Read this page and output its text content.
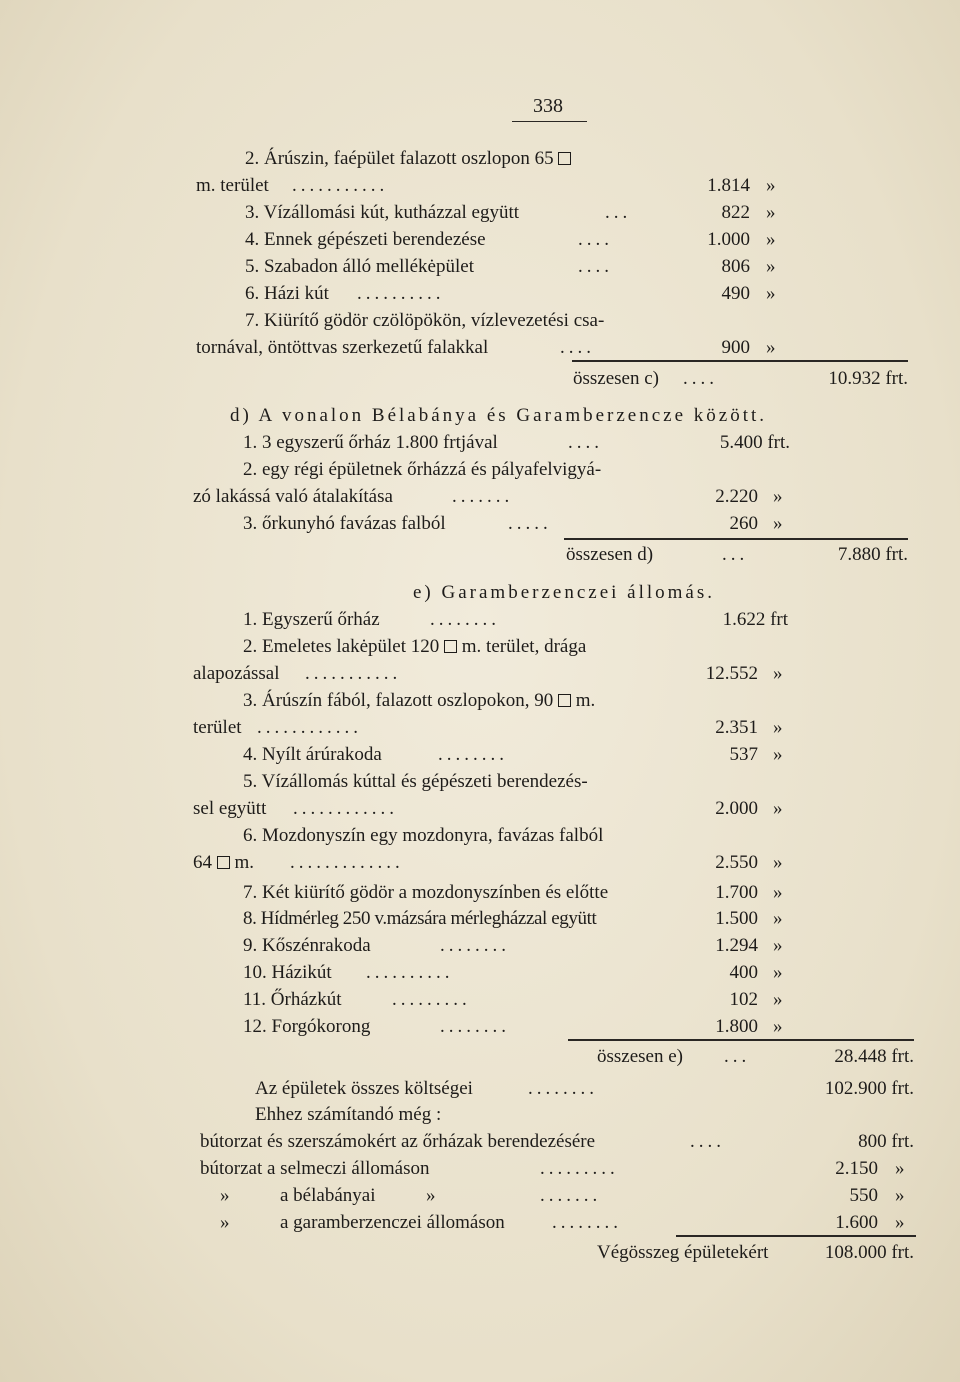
338
2. Árúszin, faépület falazott oszlopon 65
m. terület ...........	1.814 »
3. Vízállomási kút, kutházzal együtt	...	822 »
4. Ennek gépészeti berendezése	....	1.000 »
5. Szabadon álló mellékėpület	....	806 »
6. Házi kút ..........	490 »
7. Kiürítő gödör czölöpökön, vízlevezetési csa-
tornával, öntöttvas szerkezetű falakkal	....	900 »
összesen c) ....	10.932 frt.
d) A vonalon Bélabánya és Garamberzencze között.
1. 3 egyszerű őrház 1.800 frtjával	....	5.400 frt.
2. egy régi épületnek őrházzá és pályafelvigyá-
zó lakássá való átalakítása	.......	2.220 »
3. őrkunyhó favázas falból	.....	260 »
összesen d)	...	7.880 frt.
e) Garamberzenczei állomás.
1. Egyszerű őrház	........	1.622 frt
2. Emeletes lakėpület 120 m. terület, drága
alapozással ...........	12.552 »
3. Árúszín fából, falazott oszlopokon, 90 m.
terület ............	2.351 »
4. Nyílt árúrakoda	........	537 »
5. Vízállomás kúttal és gépészeti berendezés-
sel együtt ............	2.000 »
6. Mozdonyszín egy mozdonyra, favázas falból
64 m. .............	2.550 »
7. Két kiürítő gödör a mozdonyszínben és előtte	1.700 »
8. Hídmérleg 250 v.mázsára mérlegházzal együtt	1.500 »
9. Kőszénrakoda	........	1.294 »
10. Házikút ..........	400 »
11. Őrházkút	.........	102 »
12. Forgókorong	........	1.800 »
összesen e) ...	28.448 frt.
Az épületek összes költségei	........	102.900 frt.
Ehhez számítandó még :
bútorzat és szerszámokért az őrházak berendezésére	....	800 frt.
bútorzat a selmeczi állomáson	.........	2.150 »
»	a bélabányai	»	.......	550 »
»	a garamberzenczei állomáson ........	1.600 »
Végösszeg épületekért	108.000 frt.
